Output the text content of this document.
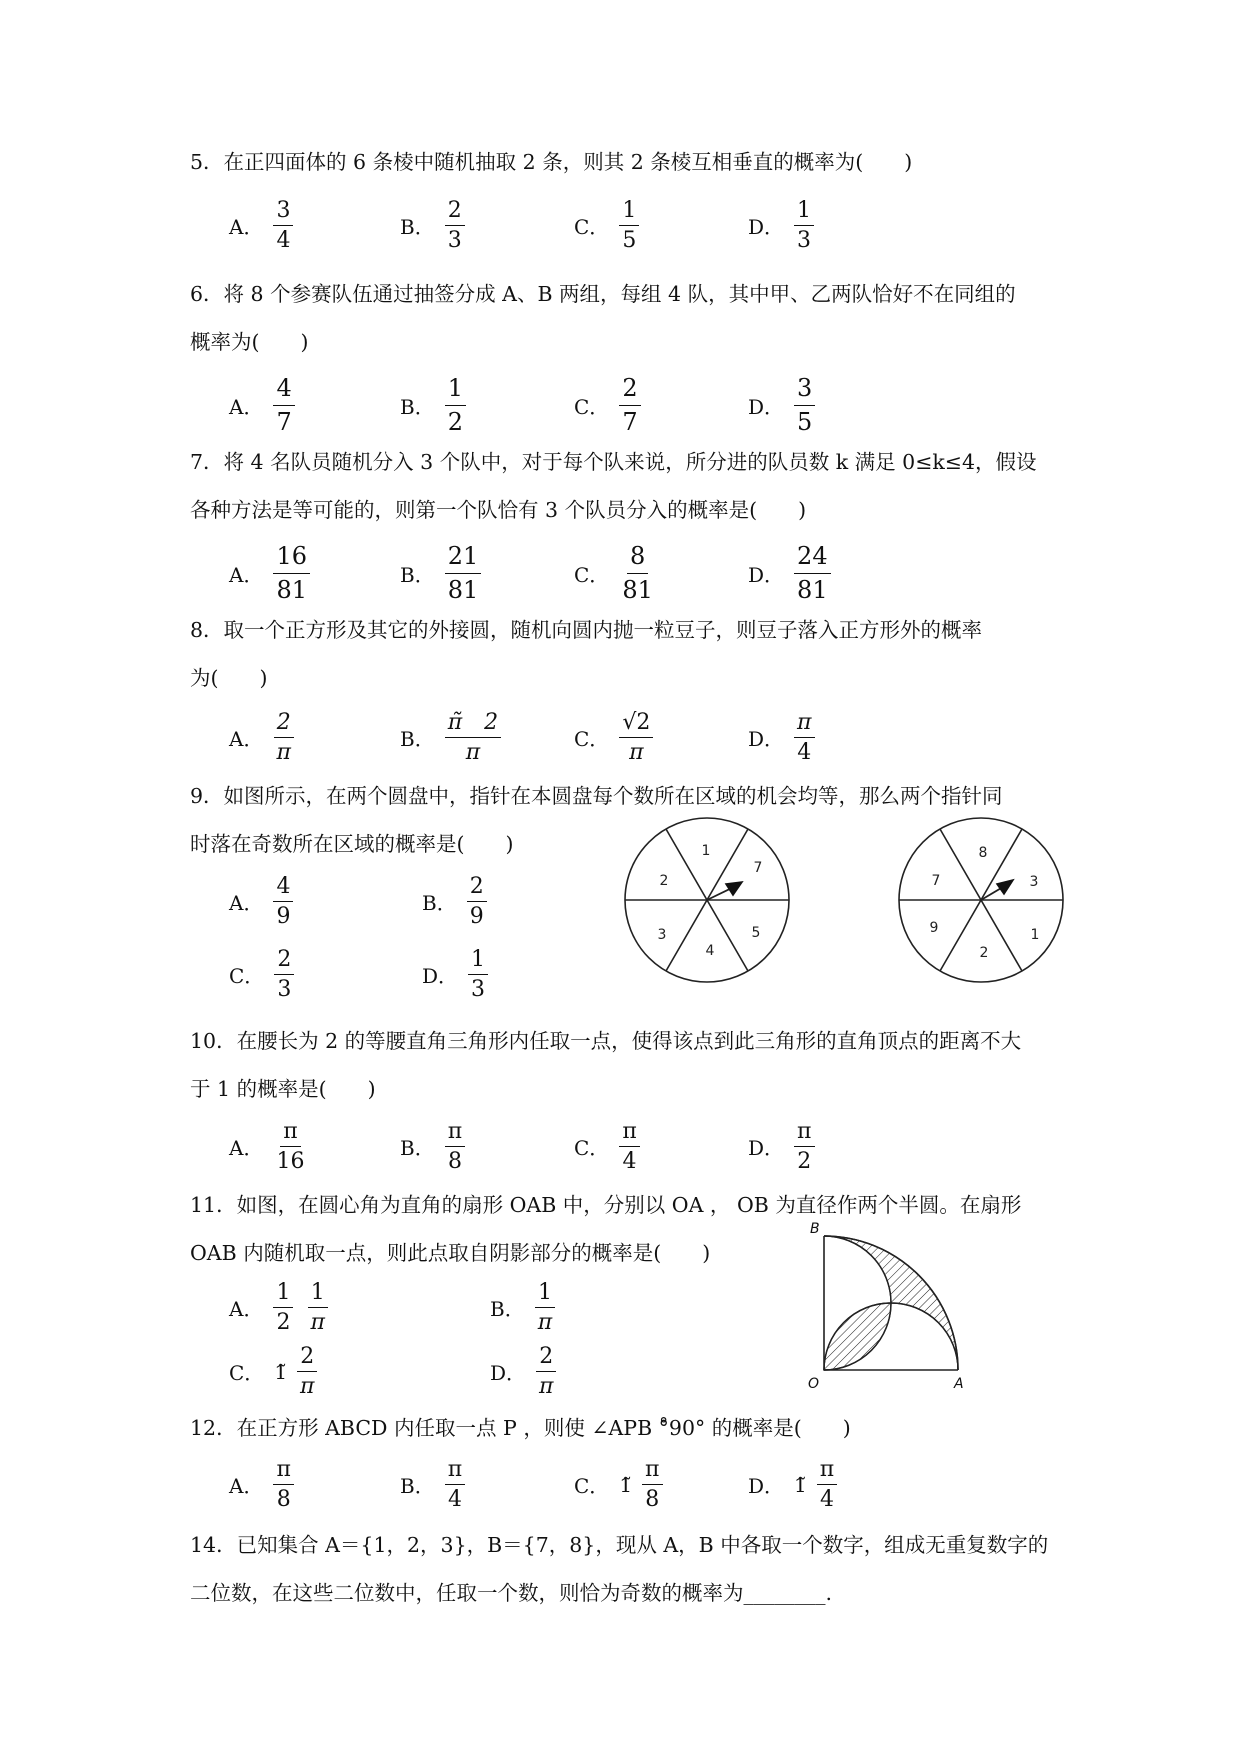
5．在正四面体的 6 条棱中随机抽取 2 条，则其 2 条棱互相垂直的概率为(　　)
A． $\frac{3}{4}$	B． $\frac{2}{3}$	C． $\frac{1}{5}$	D． $\frac{1}{3}$
6．将 8 个参赛队伍通过抽签分成 A、B 两组，每组 4 队，其中甲、乙两队恰好不在同组的
概率为(　　)
A． $\frac{4}{7}$	B． $\frac{1}{2}$	C． $\frac{2}{7}$	D． $\frac{3}{5}$
7．将 4 名队员随机分入 3 个队中，对于每个队来说，所分进的队员数 k 满足 0≤k≤4，假设
各种方法是等可能的，则第一个队恰有 3 个队员分入的概率是(　　)
A． $\frac{16}{81}$	B． $\frac{21}{81}$	C． $\frac{8}{81}$	D． $\frac{24}{81}$
8．取一个正方形及其它的外接圆，随机向圆内抛一粒豆子，则豆子落入正方形外的概率
为(　　)
A． $\frac{2}{\pi}$	B． $\frac{\pĩ 2}{\pi}$	C． $\frac{√2}{\pi}$	D． $\frac{\pi}{4}$
9．如图所示，在两个圆盘中，指针在本圆盘每个数所在区域的机会均等，那么两个指针同
时落在奇数所在区域的概率是(　　)
A． $\frac{4}{9}$	B． $\frac{2}{9}$
C． $\frac{2}{3}$	D． $\frac{1}{3}$
1
7
5
4
3
2
8
3
1
2
9
7
10．在腰长为 2 的等腰直角三角形内任取一点，使得该点到此三角形的直角顶点的距离不大
于 1 的概率是(　　)
A． $\frac{\pi}{16}$	B． $\frac{\pi}{8}$	C． $\frac{\pi}{4}$	D． $\frac{\pi}{2}$
11．如图，在圆心角为直角的扇形 OAB 中，分别以 OA ， OB 为直径作两个半圆。在扇形
OAB 内随机取一点，则此点取自阴影部分的概率是(　　)
A． $\frac{1}{2} \frac{1}{\pi}$	B． $\frac{1}{\pi}$
C． 1̃ $\frac{2}{\pi}$	D． $\frac{2}{\pi}$
B
O	A
12．在正方形 ABCD 内任取一点 P ，则使 ∠APB °̊90° 的概率是(　　)
A． $\frac{\pi}{8}$	B． $\frac{\pi}{4}$	C． 1̃ $\frac{\pi}{8}$	D． 1̃ $\frac{\pi}{4}$
14．已知集合 A＝{1，2，3}，B＝{7，8}，现从 A，B 中各取一个数字，组成无重复数字的
二位数，在这些二位数中，任取一个数，则恰为奇数的概率为________.
